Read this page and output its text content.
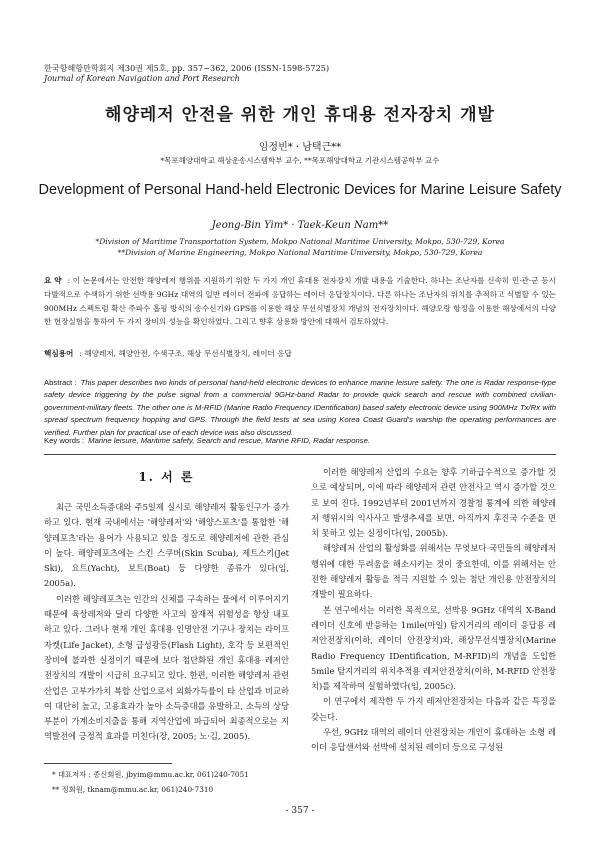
한국항해항만학회지 제30권 제5호, pp. 357~362, 2006 (ISSN-1598-5725)
Journal of Korean Navigation and Port Research
해양레저 안전을 위한 개인 휴대용 전자장치 개발
임정빈* · 남택근**
*목포해양대학교 해상운송시스템학부 교수, **목포해양대학교 기관시스템공학부 교수
Development of Personal Hand-held Electronic Devices for Marine Leisure Safety
Jeong-Bin Yim* · Taek-Keun Nam**
*Division of Maritime Transportation System, Mokpo National Maritime University, Mokpo, 530-729, Korea
**Division of Marine Engineering, Mokpo National Maritime University, Mokpo, 530-729, Korea
요 약 : 이 논문에서는 안전한 해양레저 행위를 지원하기 위한 두 가지 개인 휴대용 전자장치 개발 내용을 기술한다. 하나는 조난자를 신속히 민·관·군 등시 다발적으로 수색하기 위한 선박용 9GHz 대역의 일반 레이더 전파에 응답하는 레이더 응답장치이다. 다른 하나는 조난자의 위치를 추적하고 식별할 수 있는 900MHz 스펙트럼 확산 주파수 홉핑 방식의 송수신기와 GPS를 이용한 해상 무선식별장치 개념의 전자장치이다. 해양오랑 항정을 이용한 해상에서의 다양한 현장실험을 통하여 두 가지 장비의 성능을 확인하였다. 그리고 향후 상용화 방안에 대해서 검토하였다.
핵심용어 : 해양레저, 해양안전, 수색구조, 해상 무선식별장치, 레이더 응답
Abstract : This paper describes two kinds of personal hand-held electronic devices to enhance marine leisure safety. The one is Radar response-type safety device triggering by the pulse signal from a commercial 9GHz-band Radar to provide quick search and rescue with combined civilian-government-military fleets. The other one is M-RFID (Marine Radio Frequency IDentification) based safety electronic device using 900MHz Tx/Rx with spread spectrum frequency hopping and GPS. Through the field tests at sea using Korea Coast Guard's warship the operating performances are verified. Further plan for practical use of each device was also discussed.
Key words : Marine leisure, Maritime safety, Search and rescue, Marine RFID, Radar response.
1. 서 론

최근 국민소득증대와 주5일제 실시로 해양레저 활동인구가 증가하고 있다. 현재 국내에서는 '해양레저'와 '해양스포츠'를 통합한 '해양레포츠'라는 용어가 사용되고 있을 정도로 해양레저에 관한 관심이 높다. 해양레포츠에는 스킨 스쿠버(Skin Scuba), 제트스키(Jet Ski), 요트(Yacht), 보트(Boat) 등 다양한 종류가 있다(임, 2005a).

이러한 해양레포츠는 인간의 신체를 구속하는 물에서 이루어지기 때문에 육상레저와 달리 다양한 사고의 잠재적 위험성을 항상 내포하고 있다. 그러나 현재 개인 휴대용 인명안전 기구나 장치는 라이프 자켓(Life Jacket), 소형 급성광등(Flash Light), 호각 등 보편적인 장비에 불과한 실정이기 때문에 보다 첨단화된 개인 휴대용 레저안전장치의 개발이 시급히 요구되고 있다. 한편, 이러한 해양레저 관련 산업은 고부가가치 복합 산업으로서 외화가득률이 타 산업과 비교하여 대단히 높고, 고용효과가 높아 소득증대를 유발하고, 소득의 상당부분이 가계소비지출을 통해 지역산업에 파급되어 최종적으로는 지역발전에 긍정적 효과를 미친다(장, 2005; 노·김, 2005).

이러한 해양레저 산업의 수요는 향후 기하급수적으로 증가할 것으로 예상되며, 이에 따라 해양레저 관련 안전사고 역시 증가할 것으로 보여 진다. 1992년부터 2001년까지 경찰청 통계에 의한 해양레저 행위시의 익사사고 발생추세를 보면, 아직까지 후진국 수준을 면치 못하고 있는 실정이다(임, 2005b).

해양레저 산업의 활성화를 위해서는 무엇보다 국민들의 해양레저 행위에 대한 두려움을 해소시키는 것이 중요한데, 이를 위해서는 안전한 해양레저 활동을 적극 지원할 수 있는 첨단 개인용 안전장치의 개발이 필요하다.

본 연구에서는 이러한 목적으로, 선박용 9GHz 대역의 X-Band 레이더 신호에 반응하는 1mile(마일) 탐지거리의 레이더 응답용 레저안전장치(이하, 레이더 안전장치)와, 해상무선식별장치(Marine Radio Frequency IDentification, M-RFID)의 개념을 도입한 5mile 탐지거리의 위치추적용 레저안전장치(이하, M-RFID 안전장치)를 제작하여 실험하였다(임, 2005c).

이 연구에서 제작한 두 가지 레저안전장치는 다음과 같은 특징을 갖는다.

우선, 9GHz 대역의 레이더 안전장치는 개인이 휴대하는 소형 레이더 응답센서와 선박에 설치된 레이더 등으로 구성된

* 대표저자 : 종신회원, jbyim@mmu.ac.kr, 061)240-7051
** 정회원, tknam@mmu.ac.kr, 061)240-7310
- 357 -
